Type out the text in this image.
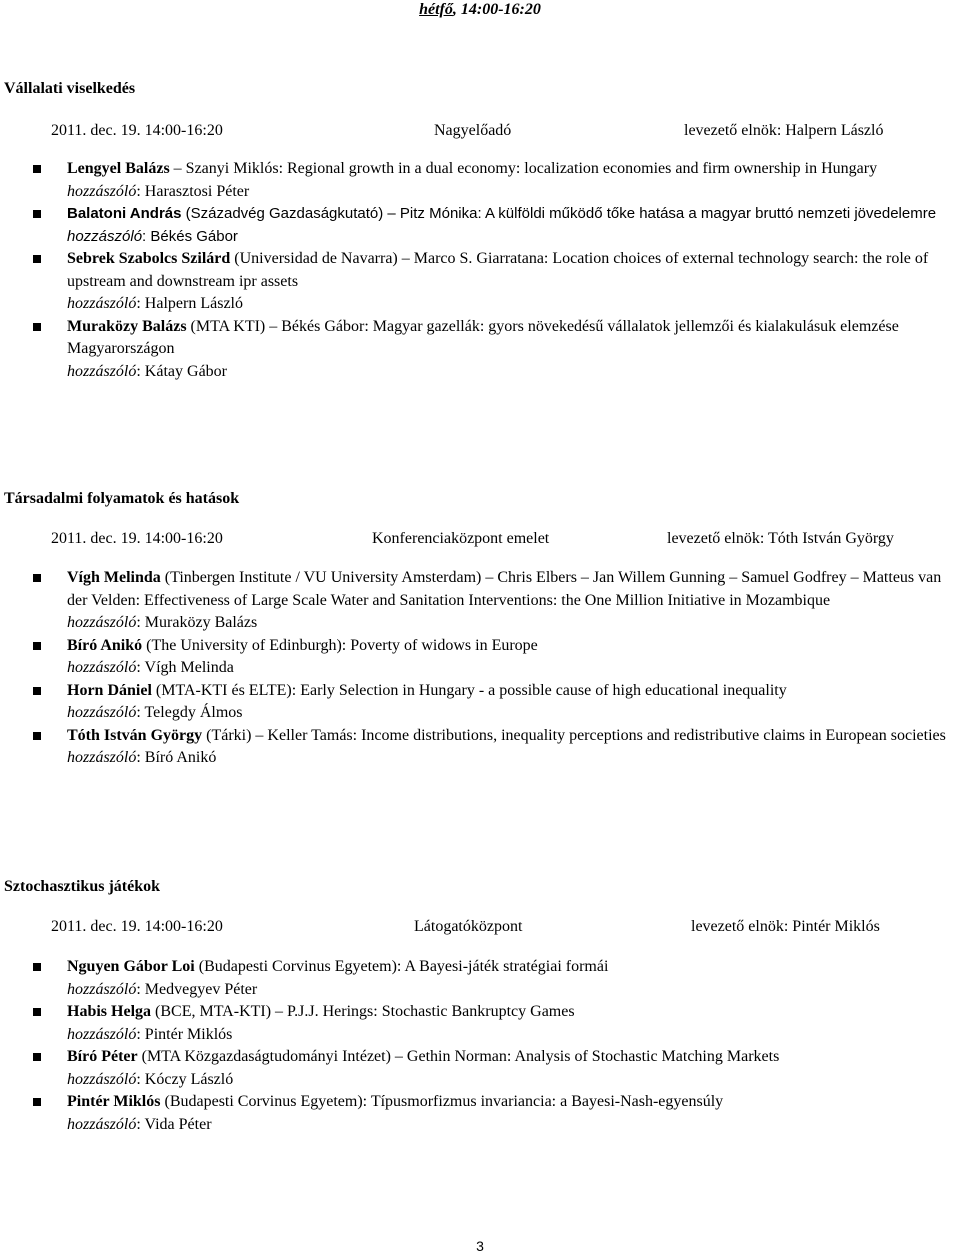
hétfő, 14:00-16:20
Vállalati viselkedés
2011. dec. 19. 14:00-16:20	Nagyelőadó	levezető elnök: Halpern László
Lengyel Balázs – Szanyi Miklós: Regional growth in a dual economy: localization economies and firm ownership in Hungary
hozzászóló: Harasztosi Péter
Balatoni András (Századvég Gazdaságkutató) – Pitz Mónika: A külföldi működő tőke hatása a magyar bruttó nemzeti jövedelemre
hozzászóló: Békés Gábor
Sebrek Szabolcs Szilárd (Universidad de Navarra) – Marco S. Giarratana: Location choices of external technology search: the role of upstream and downstream ipr assets
hozzászóló: Halpern László
Muraközy Balázs (MTA KTI) – Békés Gábor: Magyar gazellák: gyors növekedésű vállalatok jellemzői és kialakulásuk elemzése Magyarországon
hozzászóló: Kátay Gábor
Társadalmi folyamatok és hatások
2011. dec. 19. 14:00-16:20	Konferenciaközpont emelet	levezető elnök: Tóth István György
Vígh Melinda (Tinbergen Institute / VU University Amsterdam) – Chris Elbers – Jan Willem Gunning – Samuel Godfrey – Matteus van der Velden: Effectiveness of Large Scale Water and Sanitation Interventions: the One Million Initiative in Mozambique
hozzászóló: Muraközy Balázs
Bíró Anikó (The University of Edinburgh): Poverty of widows in Europe
hozzászóló: Vígh Melinda
Horn Dániel (MTA-KTI és ELTE): Early Selection in Hungary - a possible cause of high educational inequality
hozzászóló: Telegdy Álmos
Tóth István György (Tárki) – Keller Tamás: Income distributions, inequality perceptions and redistributive claims in European societies
hozzászóló: Bíró Anikó
Sztochasztikus játékok
2011. dec. 19. 14:00-16:20	Látogatóközpont	levezető elnök: Pintér Miklós
Nguyen Gábor Loi (Budapesti Corvinus Egyetem): A Bayesi-játék stratégiai formái
hozzászóló: Medvegyev Péter
Habis Helga (BCE, MTA-KTI) – P.J.J. Herings: Stochastic Bankruptcy Games
hozzászóló: Pintér Miklós
Bíró Péter (MTA Közgazdaságtudományi Intézet) – Gethin Norman: Analysis of Stochastic Matching Markets
hozzászóló: Kóczy László
Pintér Miklós (Budapesti Corvinus Egyetem): Típusmorfizmus invariancia: a Bayesi-Nash-egyensúly
hozzászóló: Vida Péter
3
